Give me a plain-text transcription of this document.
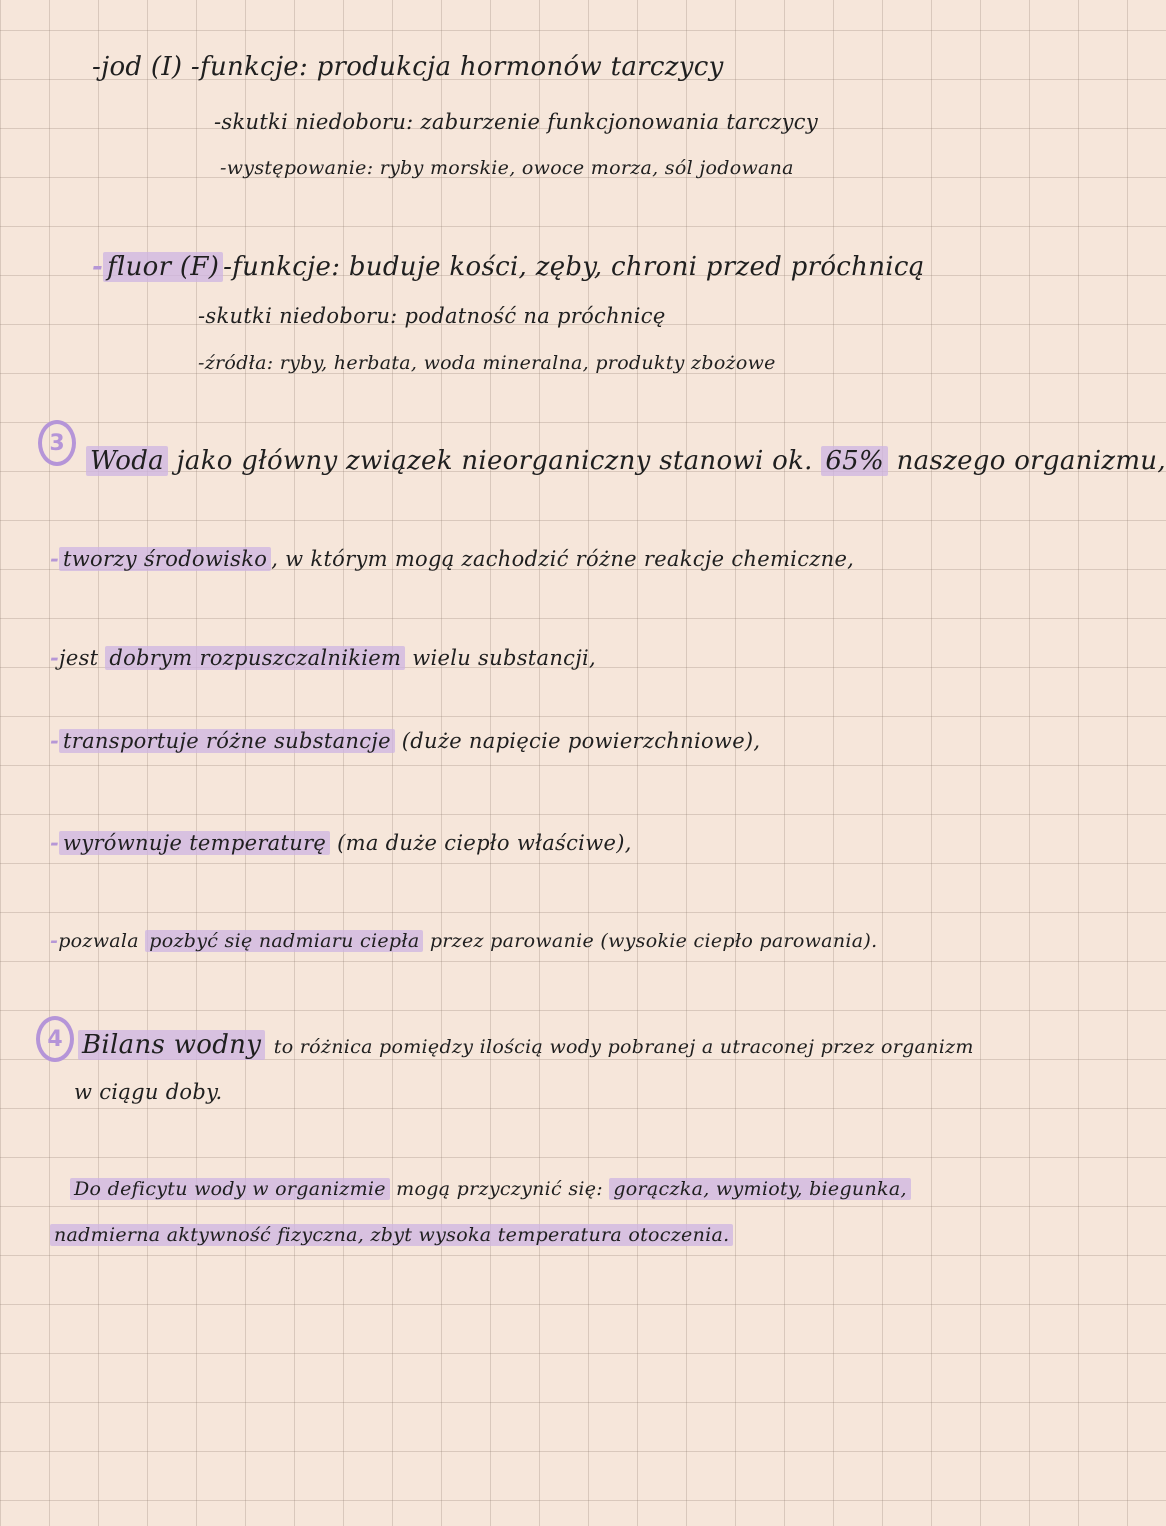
-jod (I) -funkcje: produkcja hormonów tarczycy
-skutki niedoboru: zaburzenie funkcjonowania tarczycy
-występowanie: ryby morskie, owoce morza, sól jodowana
- fluor (F) -funkcje: buduje kości, zęby, chroni przed próchnicą
-skutki niedoboru: podatność na próchnicę
-źródła: ryby, herbata, woda mineralna, produkty zbożowe
3
Woda jako główny związek nieorganiczny stanowi ok. 65% naszego organizmu,
- tworzy środowisko , w którym mogą zachodzić różne reakcje chemiczne,
-jest dobrym rozpuszczalnikiem wielu substancji,
- transportuje różne substancje (duże napięcie powierzchniowe),
- wyrównuje temperaturę (ma duże ciepło właściwe),
-pozwala pozbyć się nadmiaru ciepła przez parowanie (wysokie ciepło parowania).
4 Bilans wodny to różnica pomiędzy ilością wody pobranej a utraconej przez organizm
w ciągu doby.
Do deficytu wody w organizmie mogą przyczynić się: gorączka, wymioty, biegunka,
nadmierna aktywność fizyczna, zbyt wysoka temperatura otoczenia.
